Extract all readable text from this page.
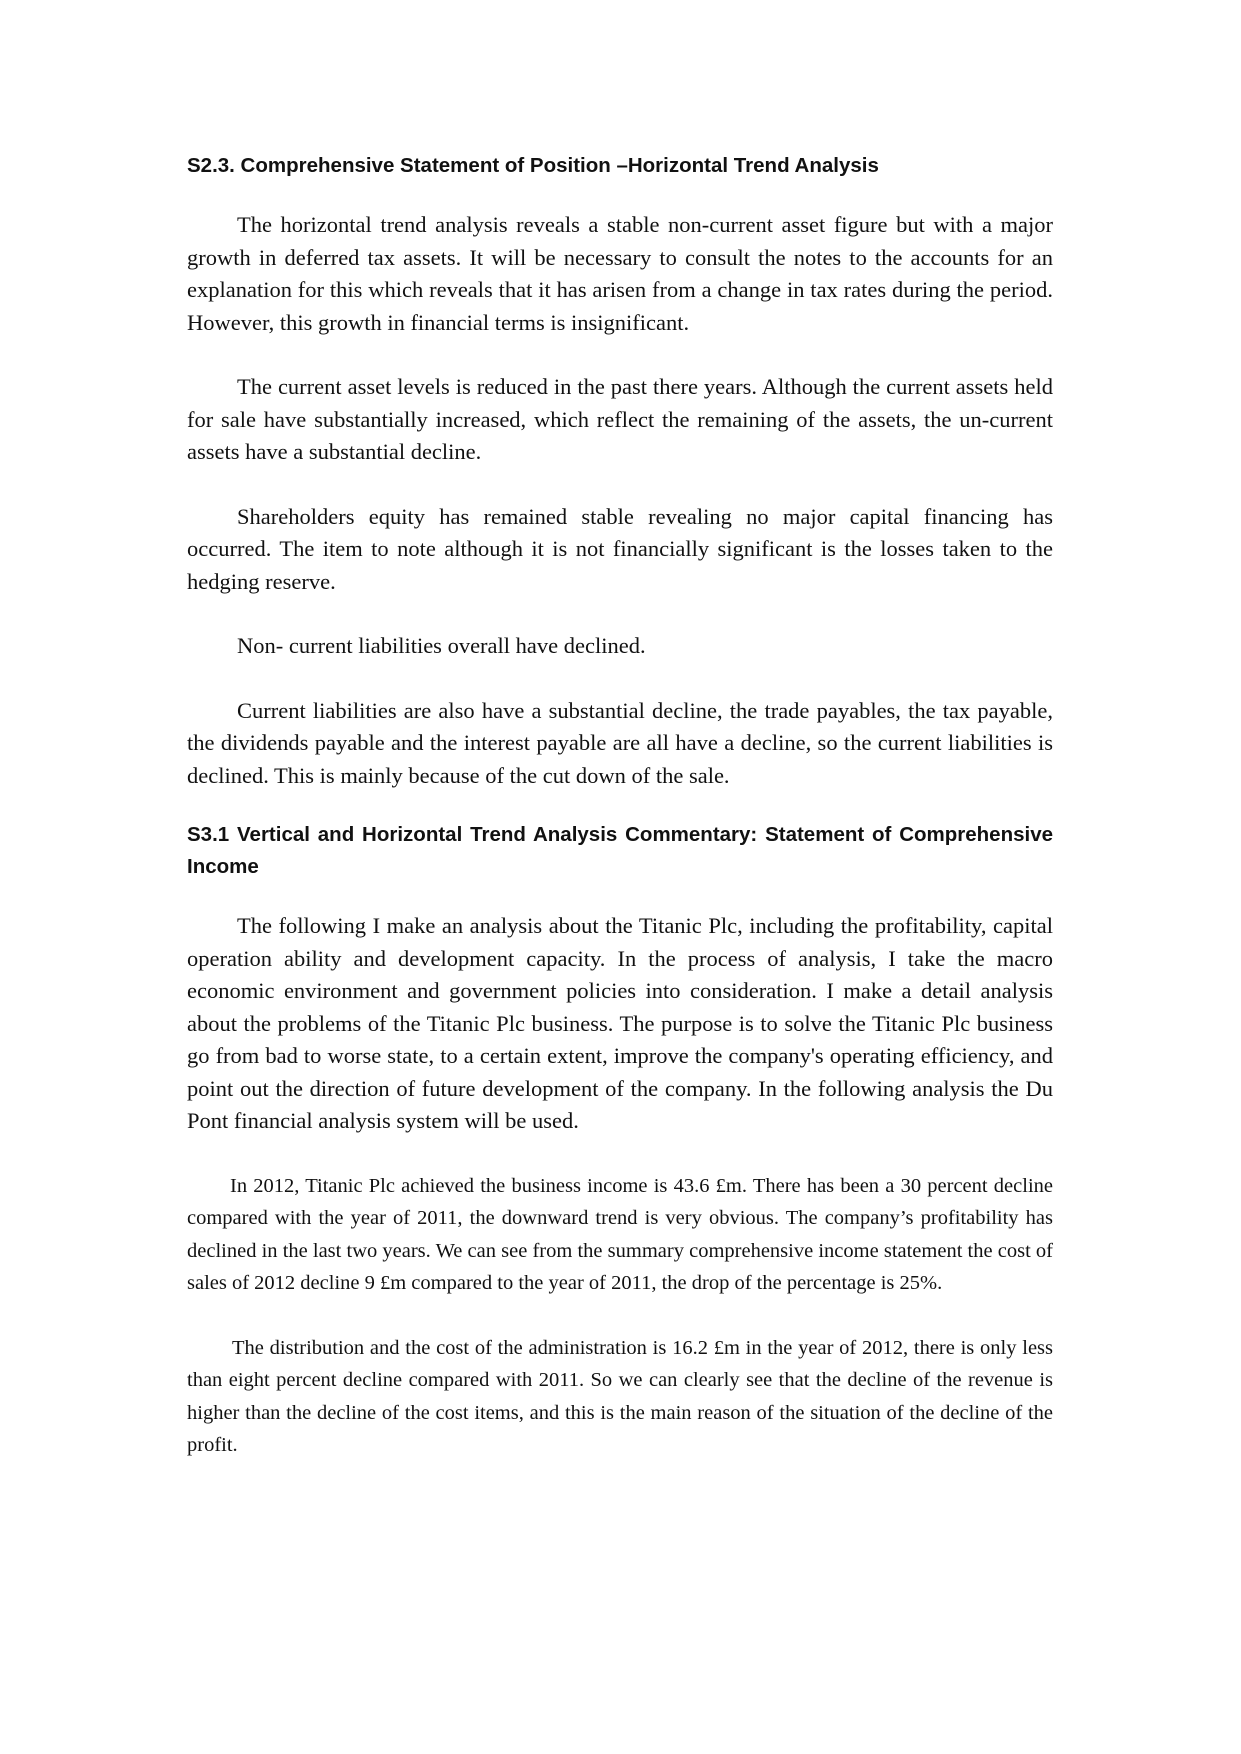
S2.3. Comprehensive Statement of Position –Horizontal Trend Analysis

The horizontal trend analysis reveals a stable non-current asset figure but with a major growth in deferred tax assets. It will be necessary to consult the notes to the accounts for an explanation for this which reveals that it has arisen from a change in tax rates during the period. However, this growth in financial terms is insignificant.

The current asset levels is reduced in the past there years. Although the current assets held for sale have substantially increased, which reflect the remaining of the assets, the un-current assets have a substantial decline.

Shareholders equity has remained stable revealing no major capital financing has occurred. The item to note although it is not financially significant is the losses taken to the hedging reserve.

Non- current liabilities overall have declined.

Current liabilities are also have a substantial decline, the trade payables, the tax payable, the dividends payable and the interest payable are all have a decline, so the current liabilities is declined. This is mainly because of the cut down of the sale.

S3.1 Vertical and Horizontal Trend Analysis Commentary: Statement of Comprehensive Income

The following I make an analysis about the Titanic Plc, including the profitability, capital operation ability and development capacity. In the process of analysis, I take the macro economic environment and government policies into consideration. I make a detail analysis about the problems of the Titanic Plc business. The purpose is to solve the Titanic Plc business go from bad to worse state, to a certain extent, improve the company's operating efficiency, and point out the direction of future development of the company. In the following analysis the Du Pont financial analysis system will be used.

In 2012, Titanic Plc achieved the business income is 43.6 £m. There has been a 30 percent decline compared with the year of 2011, the downward trend is very obvious. The company’s profitability has declined in the last two years. We can see from the summary comprehensive income statement the cost of sales of 2012 decline 9 £m compared to the year of 2011, the drop of the percentage is 25%.

The distribution and the cost of the administration is 16.2 £m in the year of 2012, there is only less than eight percent decline compared with 2011. So we can clearly see that the decline of the revenue is higher than the decline of the cost items, and this is the main reason of the situation of the decline of the profit.
